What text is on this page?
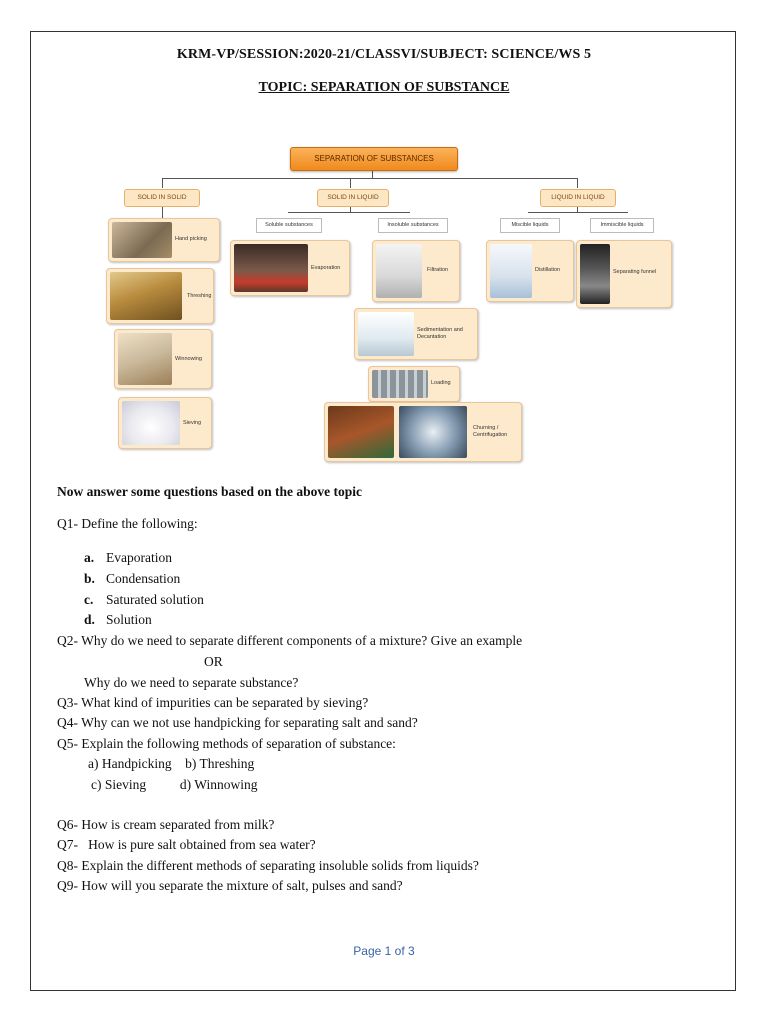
KRM-VP/SESSION:2020-21/CLASSVI/SUBJECT: SCIENCE/WS 5
TOPIC: SEPARATION OF SUBSTANCE
SEPARATION OF SUBSTANCES
SOLID IN SOLID	SOLID IN LIQUID	LIQUID IN LIQUID
Soluble substances	Insoluble substances	Miscible liquids	Immiscible liquids
Hand picking
Threshing
Winnowing
Sieving
Evaporation	Filtration
Sedimentation and Decantation
Loading
Churning / Centrifugation
Distillation	Separating funnel
Now answer some questions based on the above topic
Q1- Define the following:
a. Evaporation
b. Condensation
c. Saturated solution
d. Solution
Q2- Why do we need to separate different components of a mixture? Give an example
OR
Why do we need to separate substance?
Q3- What kind of impurities can be separated by sieving?
Q4- Why can we not use handpicking for separating salt and sand?
Q5- Explain the following methods of separation of substance:
a) Handpicking    b) Threshing
c) Sieving          d) Winnowing
Q6- How is cream separated from milk?
Q7-   How is pure salt obtained from sea water?
Q8- Explain the different methods of separating insoluble solids from liquids?
Q9- How will you separate the mixture of salt, pulses and sand?
Page 1 of 3
